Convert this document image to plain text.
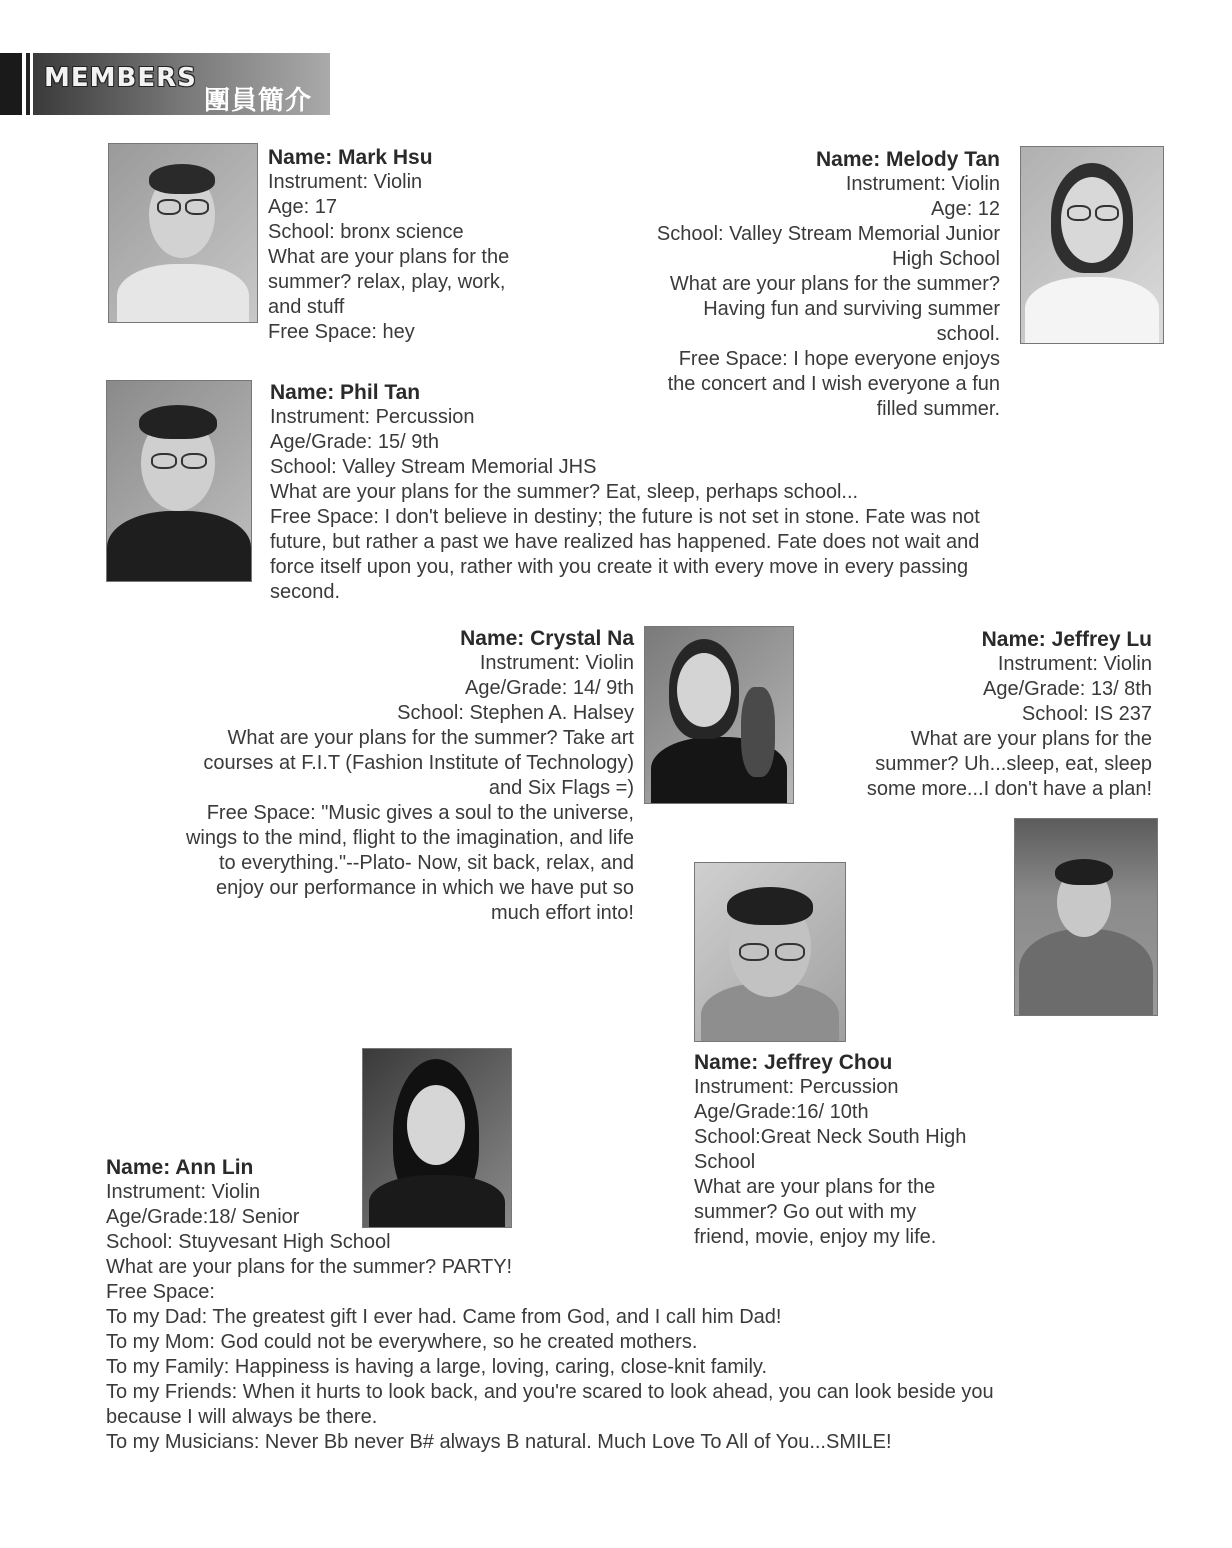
MEMBERS
團員簡介
Name: Mark Hsu
Instrument: Violin
Age: 17
School: bronx science
What are your plans for the
summer? relax, play, work,
and stuff
Free Space: hey
Name: Melody Tan
Instrument: Violin
Age: 12
School: Valley Stream Memorial Junior
High School
What are your plans for the summer?
Having fun and surviving summer
school.
Free Space: I hope everyone enjoys
the concert and I wish everyone a fun
filled summer.
Name: Phil Tan
Instrument: Percussion
Age/Grade: 15/ 9th
School: Valley Stream Memorial JHS
What are your plans for the summer? Eat, sleep, perhaps school...
Free Space: I don't believe in destiny; the future is not set in stone. Fate was not
future, but rather a past we have realized has happened. Fate does not wait and
force itself upon you, rather with you create it with every move in every passing
second.
Name: Crystal Na
Instrument: Violin
Age/Grade: 14/ 9th
School: Stephen A. Halsey
What are your plans for the summer? Take art
courses at F.I.T (Fashion Institute of Technology)
and Six Flags =)
Free Space: "Music gives a soul to the universe,
wings to the mind, flight to the imagination, and life
to everything."--Plato- Now, sit back, relax, and
enjoy our performance in which we have put so
much effort into!
Name: Jeffrey Lu
Instrument: Violin
Age/Grade: 13/ 8th
School: IS 237
What are your plans for the
summer? Uh...sleep, eat, sleep
some more...I don't have a plan!
Name: Jeffrey Chou
Instrument: Percussion
Age/Grade:16/ 10th
School:Great Neck South High
School
What are your plans for the
summer? Go out with my
friend, movie, enjoy my life.
Name: Ann Lin
Instrument: Violin
Age/Grade:18/ Senior
School: Stuyvesant High School
What are your plans for the summer? PARTY!
Free Space:
To my Dad: The greatest gift I ever had. Came from God, and I call him Dad!
To my Mom: God could not be everywhere, so he created mothers.
To my Family: Happiness is having a large, loving, caring, close-knit family.
To my Friends: When it hurts to look back, and you're scared to look ahead, you can look beside you
because I will always be there.
To my Musicians: Never Bb never B# always B natural. Much Love To All of You...SMILE!
